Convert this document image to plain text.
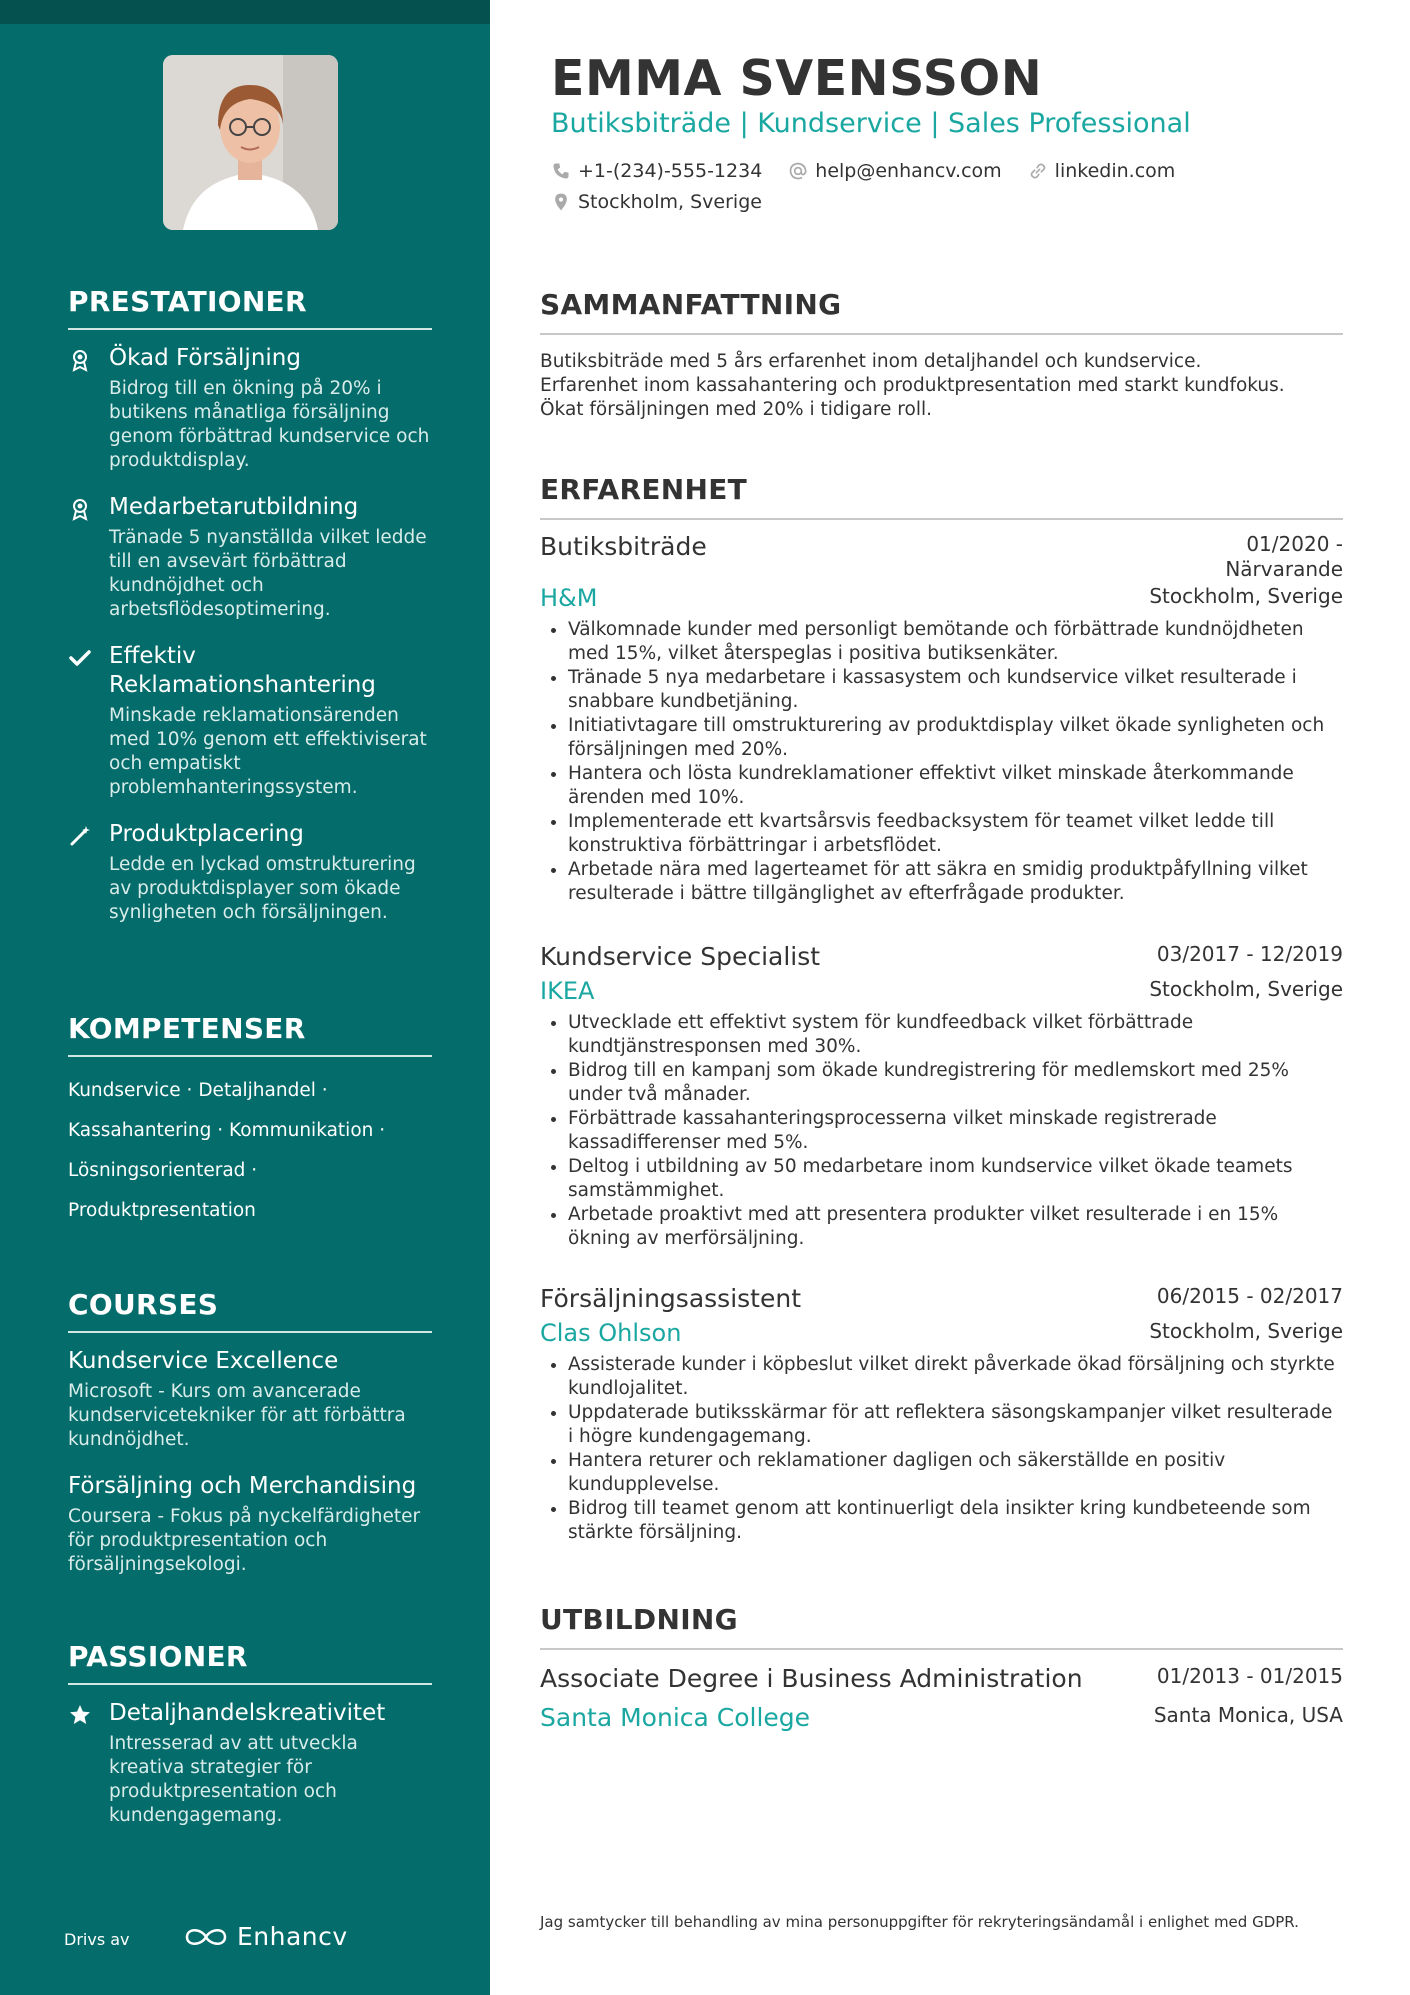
PRESTATIONER
Ökad Försäljning
Bidrog till en ökning på 20% i butikens månatliga försäljning genom förbättrad kundservice och produktdisplay.
Medarbetarutbildning
Tränade 5 nyanställda vilket ledde till en avsevärt förbättrad kundnöjdhet och arbetsflödesoptimering.
Effektiv Reklamationshantering
Minskade reklamationsärenden med 10% genom ett effektiviserat och empatiskt problemhanteringssystem.
Produktplacering
Ledde en lyckad omstrukturering av produktdisplayer som ökade synligheten och försäljningen.
KOMPETENSER
Kundservice · Detaljhandel ·
Kassahantering · Kommunikation ·
Lösningsorienterad ·
Produktpresentation
COURSES
Kundservice Excellence
Microsoft - Kurs om avancerade kundservicetekniker för att förbättra kundnöjdhet.
Försäljning och Merchandising
Coursera - Fokus på nyckelfärdigheter för produktpresentation och försäljningsekologi.
PASSIONER
Detaljhandelskreativitet
Intresserad av att utveckla kreativa strategier för produktpresentation och kundengagemang.
Drivs av	Enhancv
EMMA SVENSSON
Butiksbiträde | Kundservice | Sales Professional
+1-(234)-555-1234	help@enhancv.com	linkedin.com
Stockholm, Sverige
SAMMANFATTNING
Butiksbiträde med 5 års erfarenhet inom detaljhandel och kundservice. Erfarenhet inom kassahantering och produktpresentation med starkt kundfokus. Ökat försäljningen med 20% i tidigare roll.
ERFARENHET
Butiksbiträde	01/2020 -
Närvarande
H&M	Stockholm, Sverige
• Välkomnade kunder med personligt bemötande och förbättrade kundnöjdheten med 15%, vilket återspeglas i positiva butiksenkäter.
• Tränade 5 nya medarbetare i kassasystem och kundservice vilket resulterade i snabbare kundbetjäning.
• Initiativtagare till omstrukturering av produktdisplay vilket ökade synligheten och försäljningen med 20%.
• Hantera och lösta kundreklamationer effektivt vilket minskade återkommande ärenden med 10%.
• Implementerade ett kvartsårsvis feedbacksystem för teamet vilket ledde till konstruktiva förbättringar i arbetsflödet.
• Arbetade nära med lagerteamet för att säkra en smidig produktpåfyllning vilket resulterade i bättre tillgänglighet av efterfrågade produkter.
Kundservice Specialist	03/2017 - 12/2019
IKEA	Stockholm, Sverige
• Utvecklade ett effektivt system för kundfeedback vilket förbättrade kundtjänstresponsen med 30%.
• Bidrog till en kampanj som ökade kundregistrering för medlemskort med 25% under två månader.
• Förbättrade kassahanteringsprocesserna vilket minskade registrerade kassadifferenser med 5%.
• Deltog i utbildning av 50 medarbetare inom kundservice vilket ökade teamets samstämmighet.
• Arbetade proaktivt med att presentera produkter vilket resulterade i en 15% ökning av merförsäljning.
Försäljningsassistent	06/2015 - 02/2017
Clas Ohlson	Stockholm, Sverige
• Assisterade kunder i köpbeslut vilket direkt påverkade ökad försäljning och styrkte kundlojalitet.
• Uppdaterade butiksskärmar för att reflektera säsongskampanjer vilket resulterade i högre kundengagemang.
• Hantera returer och reklamationer dagligen och säkerställde en positiv kundupplevelse.
• Bidrog till teamet genom att kontinuerligt dela insikter kring kundbeteende som stärkte försäljning.
UTBILDNING
Associate Degree i Business Administration	01/2013 - 01/2015
Santa Monica College	Santa Monica, USA
Jag samtycker till behandling av mina personuppgifter för rekryteringsändamål i enlighet med GDPR.
